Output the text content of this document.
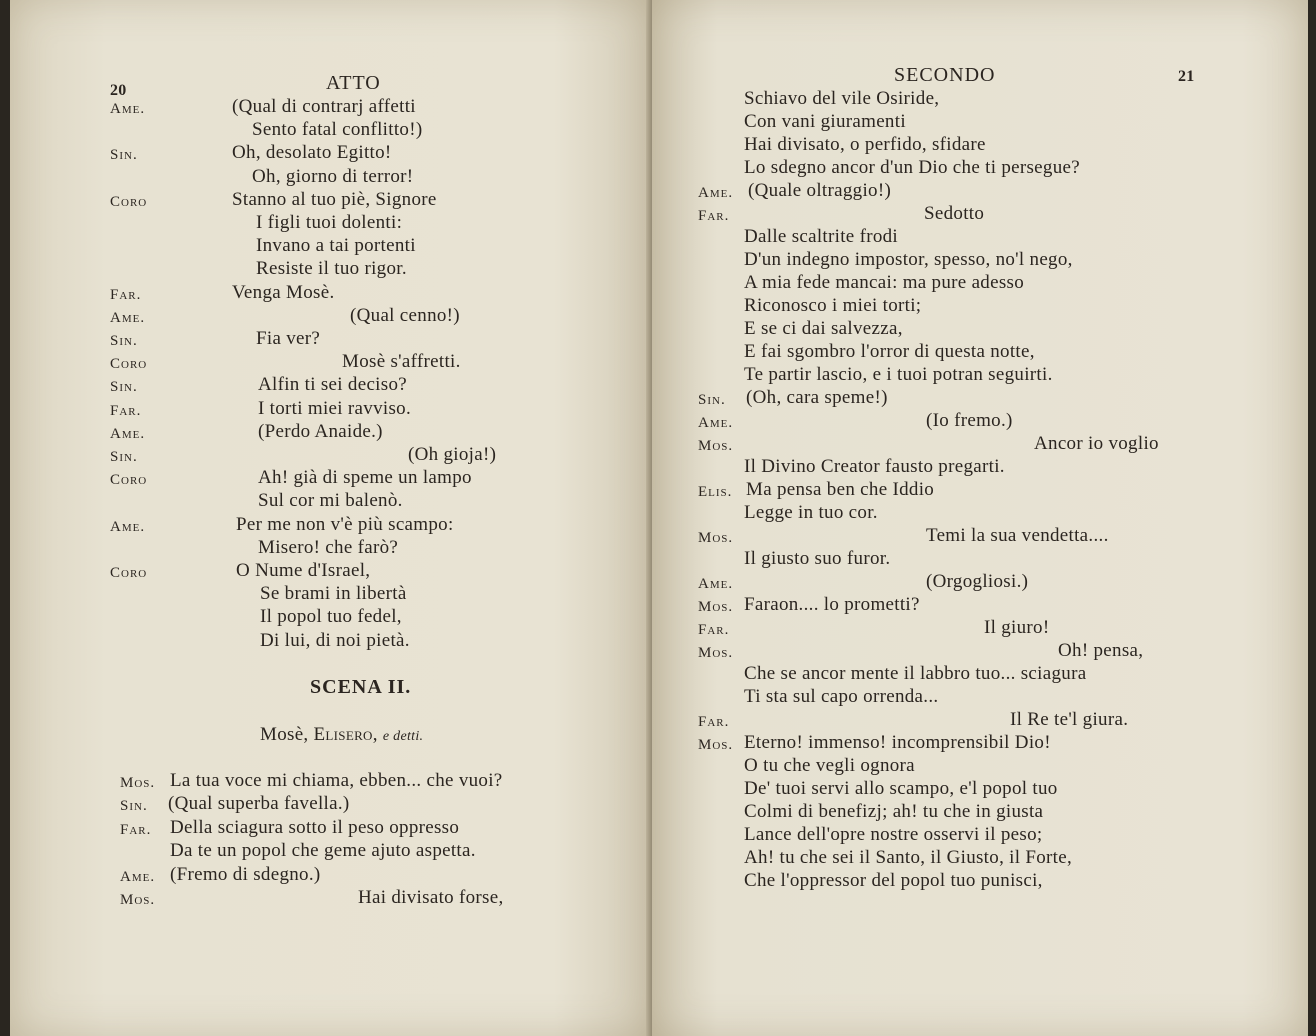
20	ATTO
Ame.	(Qual di contrarj affetti
Sento fatal conflitto!)
Sin.	Oh, desolato Egitto!
Oh, giorno di terror!
Coro	Stanno al tuo piè, Signore
I figli tuoi dolenti:
Invano a tai portenti
Resiste il tuo rigor.
Far.	Venga Mosè.
Ame.	(Qual cenno!)
Sin.	Fia ver?
Coro	Mosè s'affretti.
Sin.	Alfin ti sei deciso?
Far.	I torti miei ravviso.
Ame.	(Perdo Anaide.)
Sin.	(Oh gioja!)
Coro	Ah! già di speme un lampo
Sul cor mi balenò.
Ame.	Per me non v'è più scampo:
Misero! che farò?
Coro	O Nume d'Israel,
Se brami in libertà
Il popol tuo fedel,
Di lui, di noi pietà.
SCENA II.
Mosè, Elisero, e detti.
Mos. La tua voce mi chiama, ebben... che vuoi?
Sin. (Qual superba favella.)
Far. Della sciagura sotto il peso oppresso
Da te un popol che geme ajuto aspetta.
Ame. (Fremo di sdegno.)
Mos.	Hai divisato forse,
SECONDO	21
Schiavo del vile Osiride,
Con vani giuramenti
Hai divisato, o perfido, sfidare
Lo sdegno ancor d'un Dio che ti persegue?
Ame. (Quale oltraggio!)
Far.	Sedotto
Dalle scaltrite frodi
D'un indegno impostor, spesso, no'l nego,
A mia fede mancai: ma pure adesso
Riconosco i miei torti;
E se ci dai salvezza,
E fai sgombro l'orror di questa notte,
Te partir lascio, e i tuoi potran seguirti.
Sin. (Oh, cara speme!)
Ame.	(Io fremo.)
Mos.	Ancor io voglio
Il Divino Creator fausto pregarti.
Elis. Ma pensa ben che Iddio
Legge in tuo cor.
Mos.	Temi la sua vendetta....
Il giusto suo furor.
Ame.	(Orgogliosi.)
Mos. Faraon.... lo prometti?
Far.	Il giuro!
Mos.	Oh! pensa,
Che se ancor mente il labbro tuo... sciagura
Ti sta sul capo orrenda...
Far.	Il Re te'l giura.
Mos. Eterno! immenso! incomprensibil Dio!
O tu che vegli ognora
De' tuoi servi allo scampo, e'l popol tuo
Colmi di benefizj; ah! tu che in giusta
Lance dell'opre nostre osservi il peso;
Ah! tu che sei il Santo, il Giusto, il Forte,
Che l'oppressor del popol tuo punisci,
